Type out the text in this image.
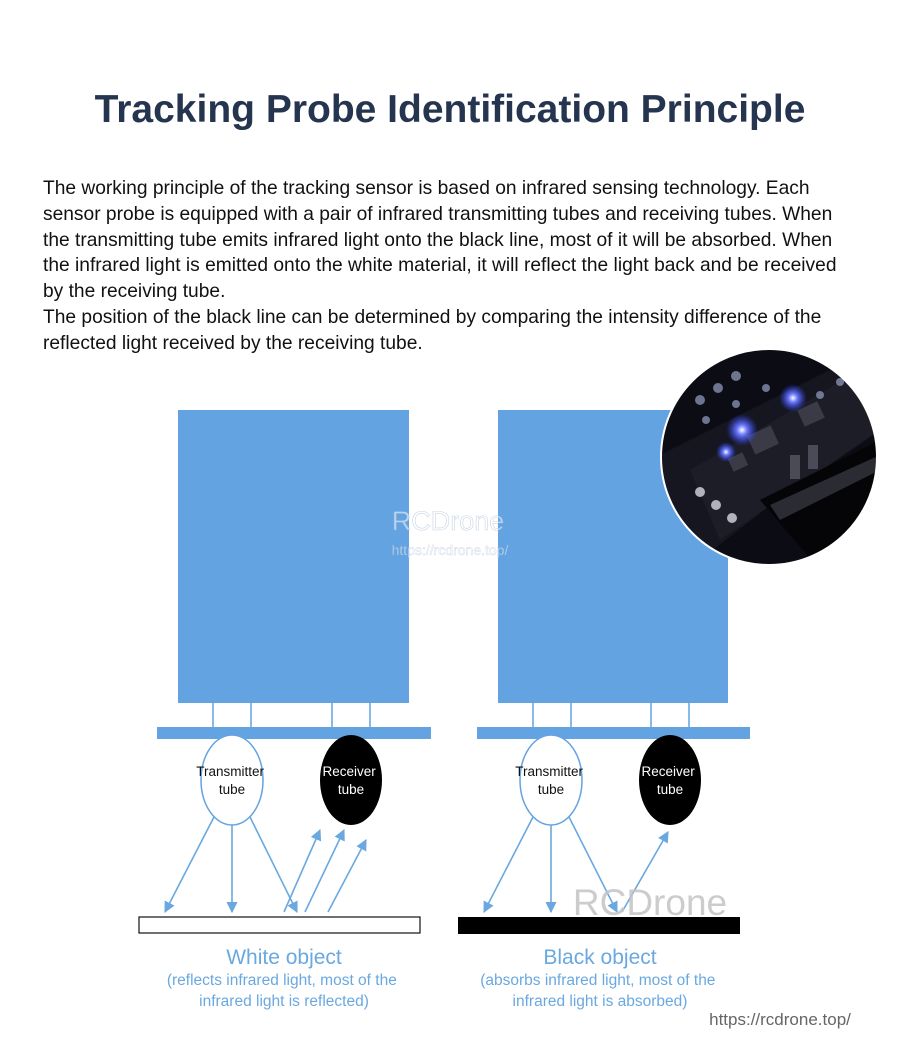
Tracking Probe Identification Principle

The working principle of the tracking sensor is based on infrared sensing technology. Each sensor probe is equipped with a pair of infrared transmitting tubes and receiving tubes. When the transmitting tube emits infrared light onto the black line, most of it will be absorbed. When the infrared light is emitted onto the white material, it will reflect the light back and be received by the receiving tube.

The position of the black line can be determined by comparing the intensity difference of the reflected light received by the receiving tube.

Transmitter tube
Receiver tube
White object
(reflects infrared light, most of the infrared light is reflected)
Transmitter tube
Receiver tube
Black object
(absorbs infrared light, most of the infrared light is absorbed)
RCDrone
https://rcdrone.top/
RCDrone
https://rcdrone.top/
